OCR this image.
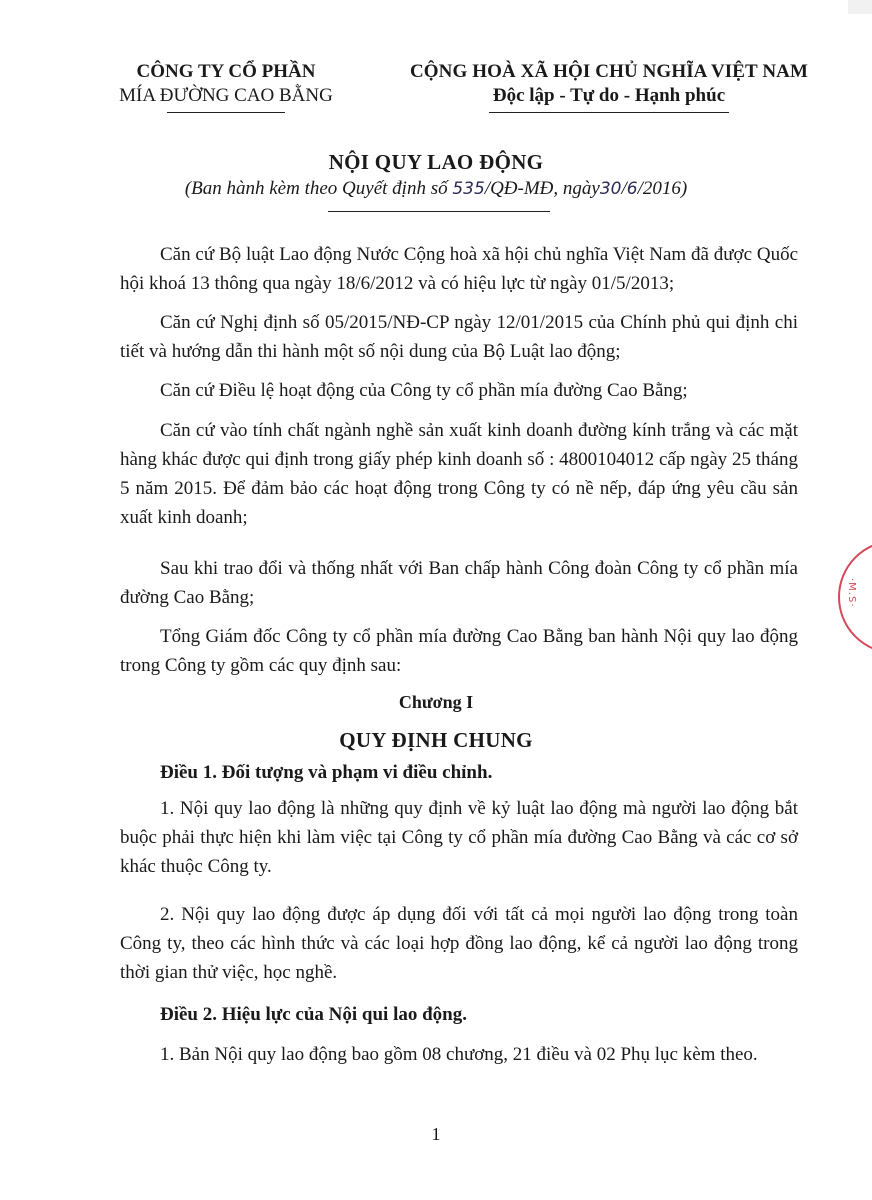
CÔNG TY CỔ PHẦN
MÍA ĐƯỜNG CAO BẰNG
CỘNG HOÀ XÃ HỘI CHỦ NGHĨA VIỆT NAM
Độc lập - Tự do - Hạnh phúc
NỘI QUY LAO ĐỘNG
(Ban hành kèm theo Quyết định số 535/QĐ-MĐ, ngày30/6/2016)
Căn cứ Bộ luật Lao động Nước Cộng hoà xã hội chủ nghĩa Việt Nam đã được Quốc hội khoá 13 thông qua ngày 18/6/2012 và có hiệu lực từ ngày 01/5/2013;
Căn cứ Nghị định số 05/2015/NĐ-CP ngày 12/01/2015 của Chính phủ qui định chi tiết và hướng dẫn thi hành một số nội dung của Bộ Luật lao động;
Căn cứ Điều lệ hoạt động của Công ty cổ phần mía đường Cao Bằng;
Căn cứ vào tính chất ngành nghề sản xuất kinh doanh đường kính trắng và các mặt hàng khác được qui định trong giấy phép kinh doanh số : 4800104012 cấp ngày 25 tháng 5 năm 2015. Để đảm bảo các hoạt động trong Công ty có nề nếp, đáp ứng yêu cầu sản xuất kinh doanh;
Sau khi trao đổi và thống nhất với Ban chấp hành Công đoàn Công ty cổ phần mía đường Cao Bằng;
Tổng Giám đốc Công ty cổ phần mía đường Cao Bằng ban hành Nội quy lao động trong Công ty gồm các quy định sau:
Chương I
QUY ĐỊNH CHUNG
Điều 1. Đối tượng và phạm vi điều chỉnh.
1. Nội quy lao động là những quy định về kỷ luật lao động mà người lao động bắt buộc phải thực hiện khi làm việc tại Công ty cổ phần mía đường Cao Bằng và các cơ sở khác thuộc Công ty.
2. Nội quy lao động được áp dụng đối với tất cả mọi người lao động trong toàn Công ty, theo các hình thức và các loại hợp đồng lao động, kể cả người lao động trong thời gian thử việc, học nghề.
Điều 2. Hiệu lực của Nội qui lao động.
1. Bản Nội quy lao động bao gồm 08 chương, 21 điều và 02 Phụ lục kèm theo.
1
·M.S·
